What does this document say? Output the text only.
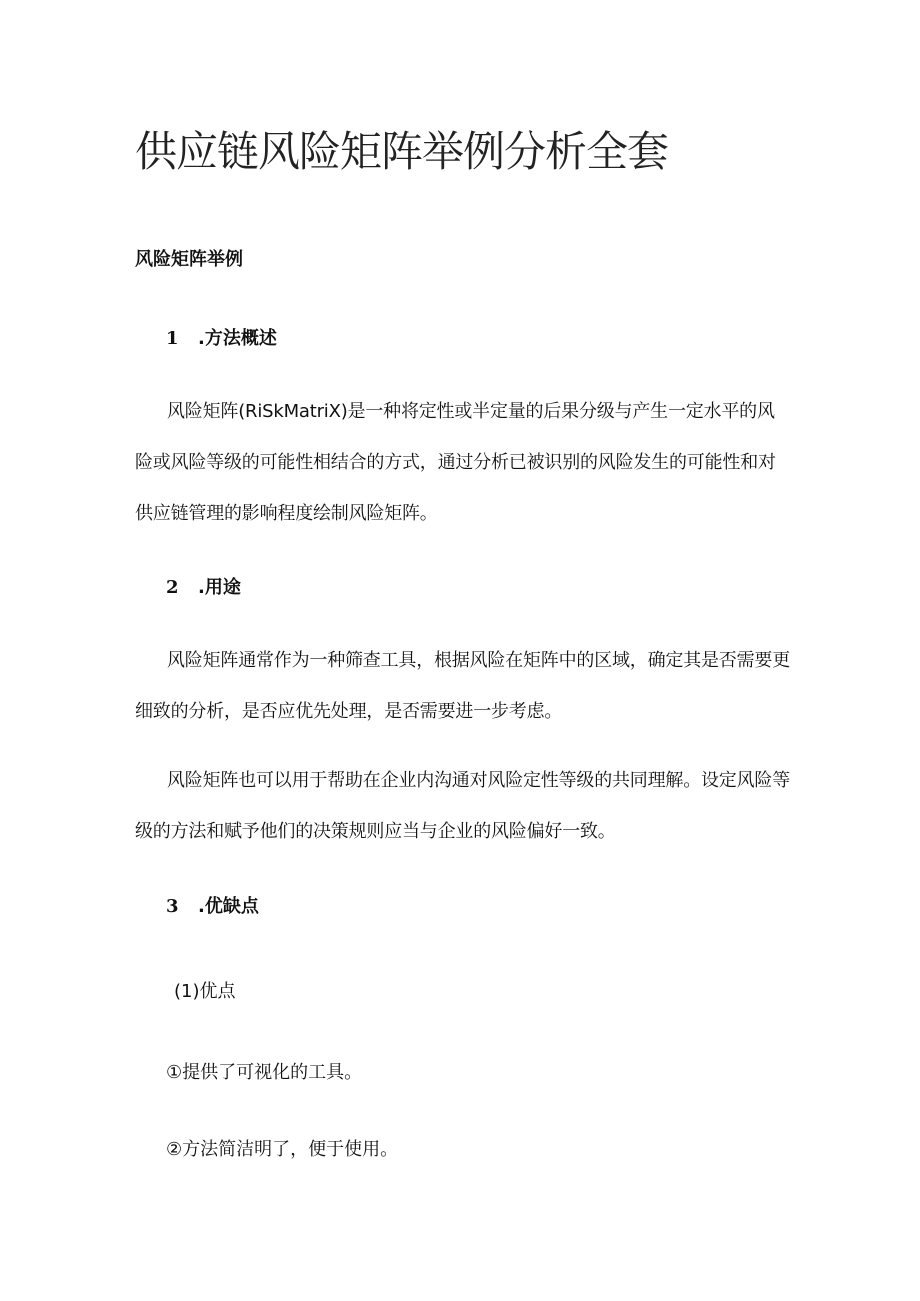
供应链风险矩阵举例分析全套
风险矩阵举例
1 .方法概述

风险矩阵(RiSkMatriX)是一种将定性或半定量的后果分级与产生一定水平的风险或风险等级的可能性相结合的方式，通过分析已被识别的风险发生的可能性和对供应链管理的影响程度绘制风险矩阵。

2 .用途

风险矩阵通常作为一种筛查工具，根据风险在矩阵中的区域，确定其是否需要更细致的分析，是否应优先处理，是否需要进一步考虑。

风险矩阵也可以用于帮助在企业内沟通对风险定性等级的共同理解。设定风险等级的方法和赋予他们的决策规则应当与企业的风险偏好一致。

3 .优缺点

(1)优点

①提供了可视化的工具。

②方法简洁明了，便于使用。
